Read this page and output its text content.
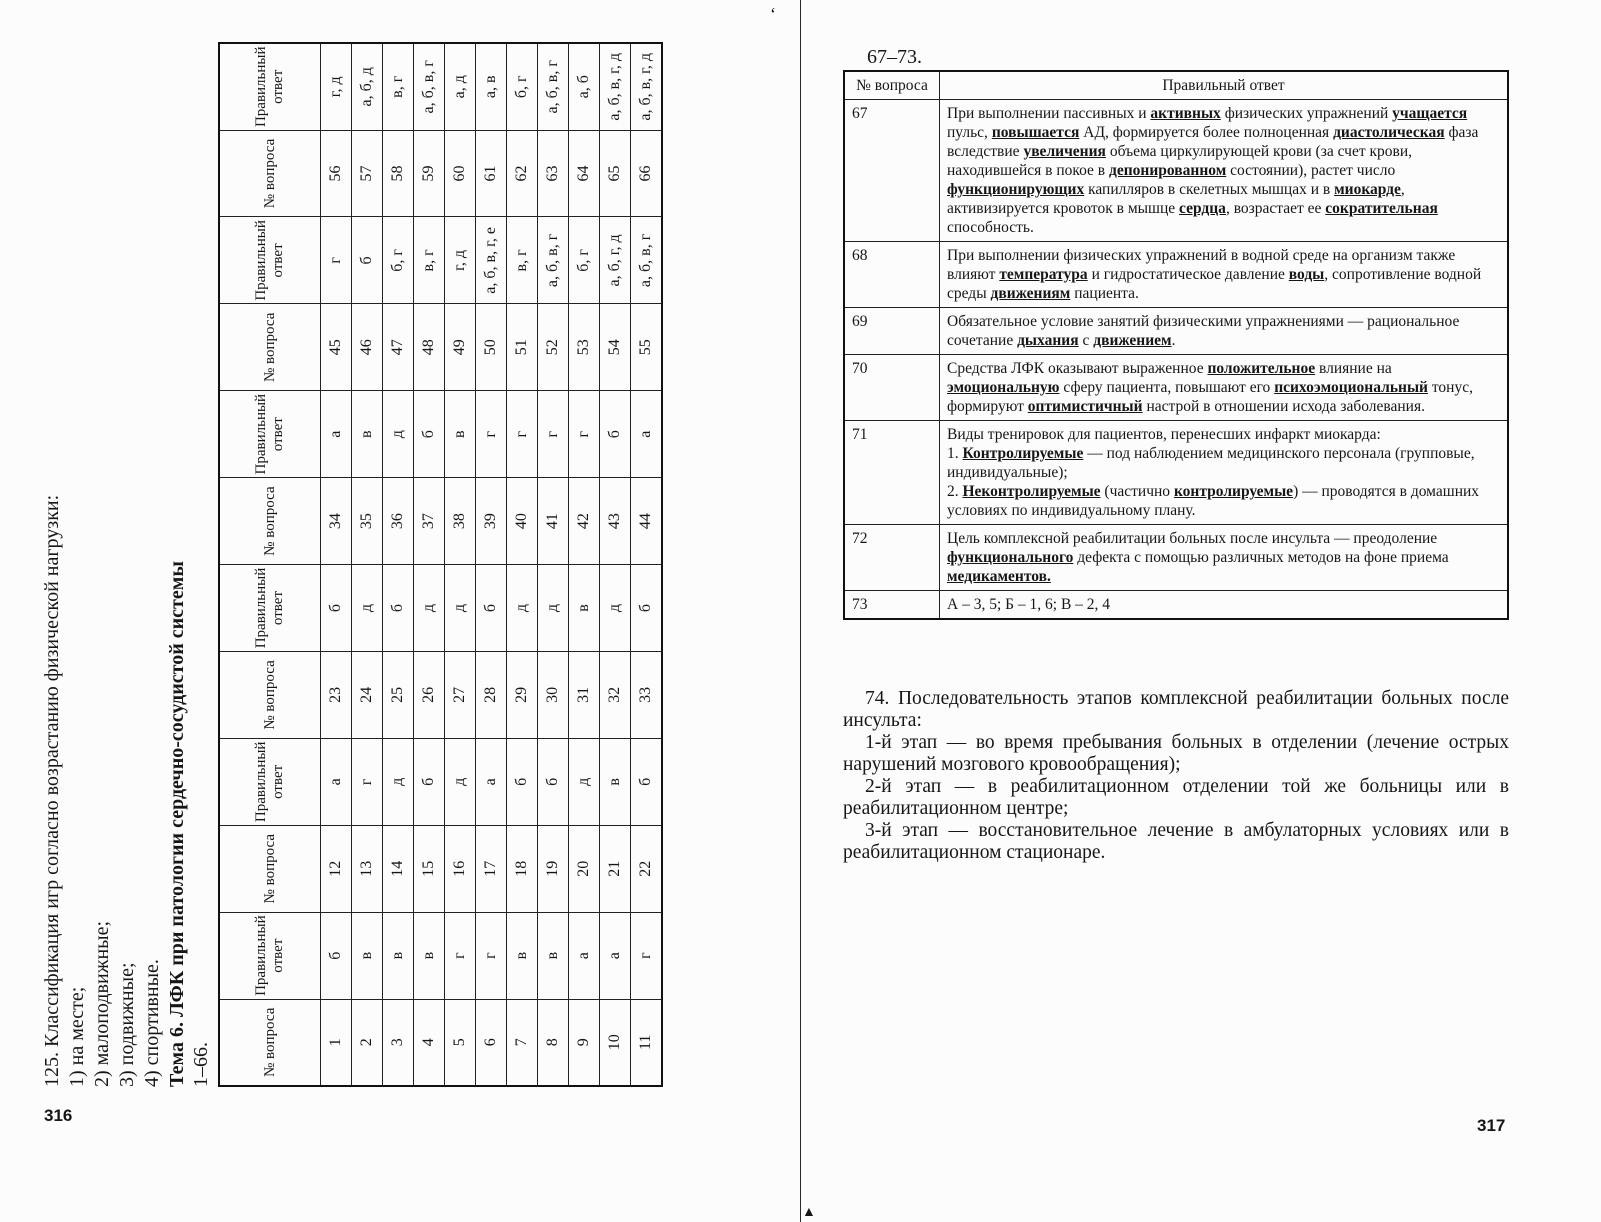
‘
125. Классификация игр согласно возрастанию физической нагрузки: 1) на месте; 2) малоподвижные; 3) подвижные; 4) спортивные. Тема 6. ЛФК при патологии сердечно-сосудистой системы 1–66.	№ вопроса	Правильный ответ	№ вопроса	Правильный ответ	№ вопроса	Правильный ответ	№ вопроса	Правильный ответ	№ вопроса	Правильный ответ	№ вопроса	Правильный ответ
1	б	12	а	23	б	34	а	45	г	56	г, д
2	в	13	г	24	д	35	в	46	б	57	а, б, д
3	в	14	д	25	б	36	д	47	б, г	58	в, г
4	в	15	б	26	д	37	б	48	в, г	59	а, б, в, г
5	г	16	д	27	д	38	в	49	г, д	60	а, д
6	г	17	а	28	б	39	г	50	а, б, в, г, е	61	а, в
7	в	18	б	29	д	40	г	51	в, г	62	б, г
8	в	19	б	30	д	41	г	52	а, б, в, г	63	а, б, в, г
9	а	20	д	31	в	42	г	53	б, г	64	а, б
10	а	21	в	32	д	43	б	54	а, б, г, д	65	а, б, в, г, д
11	г	22	б	33	б	44	а	55	а, б, в, г	66	а, б, в, г, д
316
▲
67–73.
№ вопроса	Правильный ответ
67	При выполнении пассивных и активных физических упражнений учащается пульс, повышается АД, формируется более полноценная диастолическая фаза вследствие увеличения объема циркулирующей крови (за счет крови, находившейся в покое в депонированном состоянии), растет число функционирующих капилляров в скелетных мышцах и в миокарде, активизируется кровоток в мышце сердца, возрастает ее сократительная способность.
68	При выполнении физических упражнений в водной среде на организм также влияют температура и гидростатическое давление воды, сопротивление водной среды движениям пациента.
69	Обязательное условие занятий физическими упражнениями — рациональное сочетание дыхания с движением.
70	Средства ЛФК оказывают выраженное положительное влияние на эмоциональную сферу пациента, повышают его психоэмоциональный тонус, формируют оптимистичный настрой в отношении исхода заболевания.
71	Виды тренировок для пациентов, перенесших инфаркт миокарда:
1. Контролируемые — под наблюдением медицинского персонала (групповые, индивидуальные);
2. Неконтролируемые (частично контролируемые) — проводятся в домашних условиях по индивидуальному плану.
72	Цель комплексной реабилитации больных после инсульта — преодоление функционального дефекта с помощью различных методов на фоне приема медикаментов.
73	А – 3, 5; Б – 1, 6; В – 2, 4

74. Последовательность этапов комплексной реабилитации больных после инсульта:

1-й этап — во время пребывания больных в отделении (лечение острых нарушений мозгового кровообращения);

2-й этап — в реабилитационном отделении той же больницы или в реабилитационном центре;

3-й этап — восстановительное лечение в амбулаторных условиях или в реабилитационном стационаре.

317
